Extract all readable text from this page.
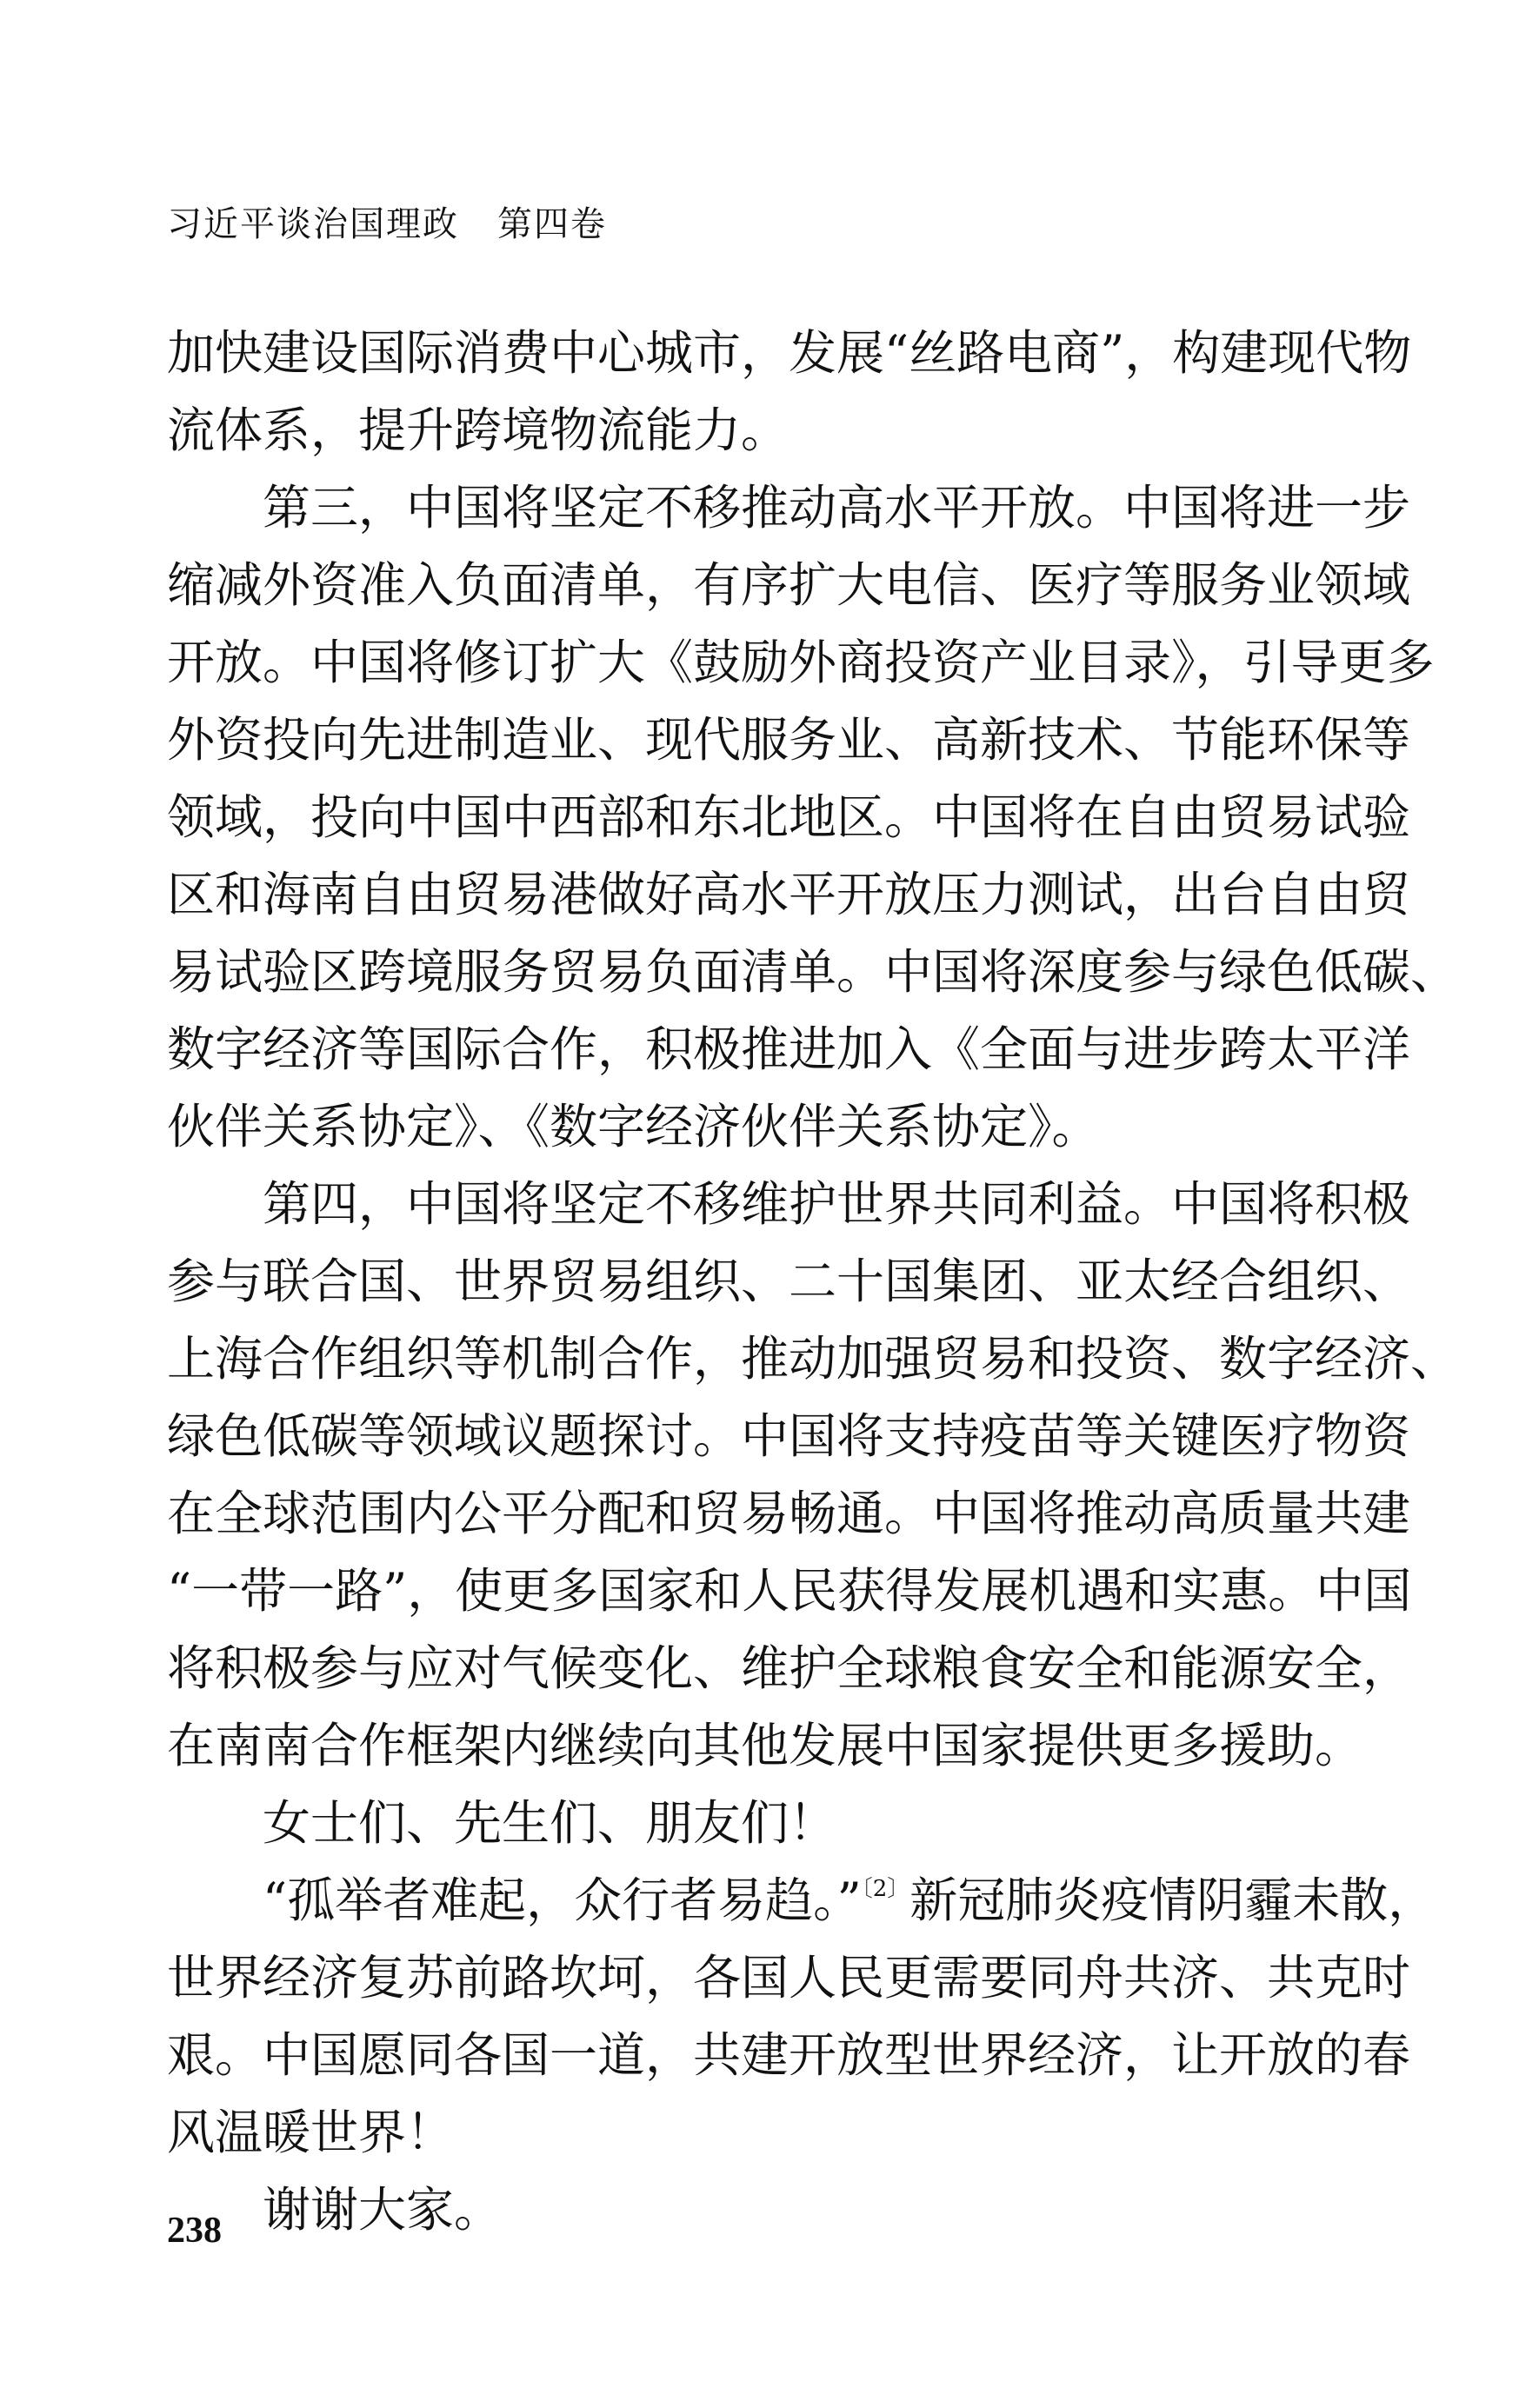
习近平谈治国理政 第四卷
加快建设国际消费中心城市，发展“丝路电商”，构建现代物
流体系，提升跨境物流能力。
第三，中国将坚定不移推动高水平开放。中国将进一步
缩减外资准入负面清单，有序扩大电信、医疗等服务业领域
开放。中国将修订扩大《鼓励外商投资产业目录》，引导更多
外资投向先进制造业、现代服务业、高新技术、节能环保等
领域，投向中国中西部和东北地区。中国将在自由贸易试验
区和海南自由贸易港做好高水平开放压力测试，出台自由贸
易试验区跨境服务贸易负面清单。中国将深度参与绿色低碳、
数字经济等国际合作，积极推进加入《全面与进步跨太平洋
伙伴关系协定》、《数字经济伙伴关系协定》。
第四，中国将坚定不移维护世界共同利益。中国将积极
参与联合国、世界贸易组织、二十国集团、亚太经合组织、
上海合作组织等机制合作，推动加强贸易和投资、数字经济、
绿色低碳等领域议题探讨。中国将支持疫苗等关键医疗物资
在全球范围内公平分配和贸易畅通。中国将推动高质量共建
“一带一路”，使更多国家和人民获得发展机遇和实惠。中国
将积极参与应对气候变化、维护全球粮食安全和能源安全，
在南南合作框架内继续向其他发展中国家提供更多援助。
女士们、先生们、朋友们！
“孤举者难起，众行者易趋。”$^{〔2〕}$新冠肺炎疫情阴霾未散，
世界经济复苏前路坎坷，各国人民更需要同舟共济、共克时
艰。中国愿同各国一道，共建开放型世界经济，让开放的春
风温暖世界！
谢谢大家。
238
